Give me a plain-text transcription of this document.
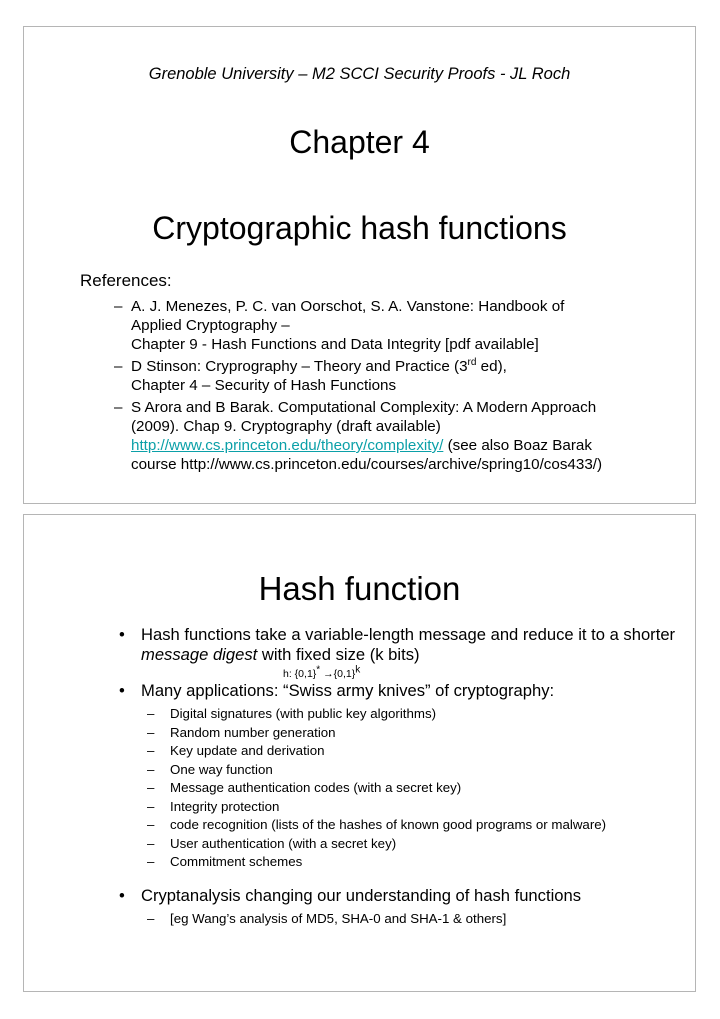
Grenoble University – M2 SCCI Security Proofs - JL Roch
Chapter 4
Cryptographic hash functions
References:
– A. J. Menezes, P. C. van Oorschot, S. A. Vanstone: Handbook of
Applied Cryptography –
Chapter 9 - Hash Functions and Data Integrity [pdf available]
– D Stinson: Cryprography – Theory and Practice (3rd ed),
Chapter 4 – Security of Hash Functions
– S Arora and B Barak. Computational Complexity: A Modern Approach
(2009). Chap 9. Cryptography (draft available)
http://www.cs.princeton.edu/theory/complexity/ (see also Boaz Barak
course http://www.cs.princeton.edu/courses/archive/spring10/cos433/)
Hash function
• Hash functions take a variable-length message and reduce it to a shorter message digest with fixed size (k bits)
h: $\{0,1\}^* \to\{0,1\}^k$
• Many applications: “Swiss army knives” of cryptography:
– Digital signatures (with public key algorithms)
– Random number generation
– Key update and derivation
– One way function
– Message authentication codes (with a secret key)
– Integrity protection
– code recognition (lists of the hashes of known good programs or malware)
– User authentication (with a secret key)
– Commitment schemes
• Cryptanalysis changing our understanding of hash functions
– [eg Wang’s analysis of MD5, SHA-0 and SHA-1 & others]
